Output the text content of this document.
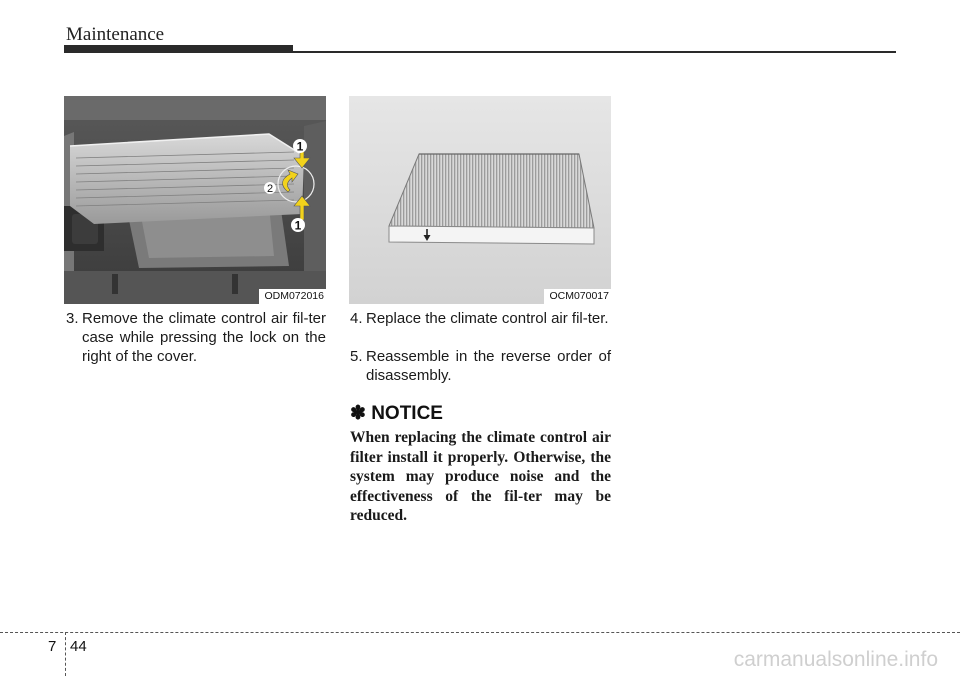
Maintenance
1
2
1
ODM072016	OCM070017
3. Remove the climate control air fil-ter case while pressing the lock on the right of the cover.
4. Replace the climate control air fil-ter.
5. Reassemble in the reverse order of disassembly.
✽ NOTICE
When replacing the climate control air filter install it properly. Otherwise, the system may produce noise and the effectiveness of the fil-ter may be reduced.
7 44
carmanualsonline.info
